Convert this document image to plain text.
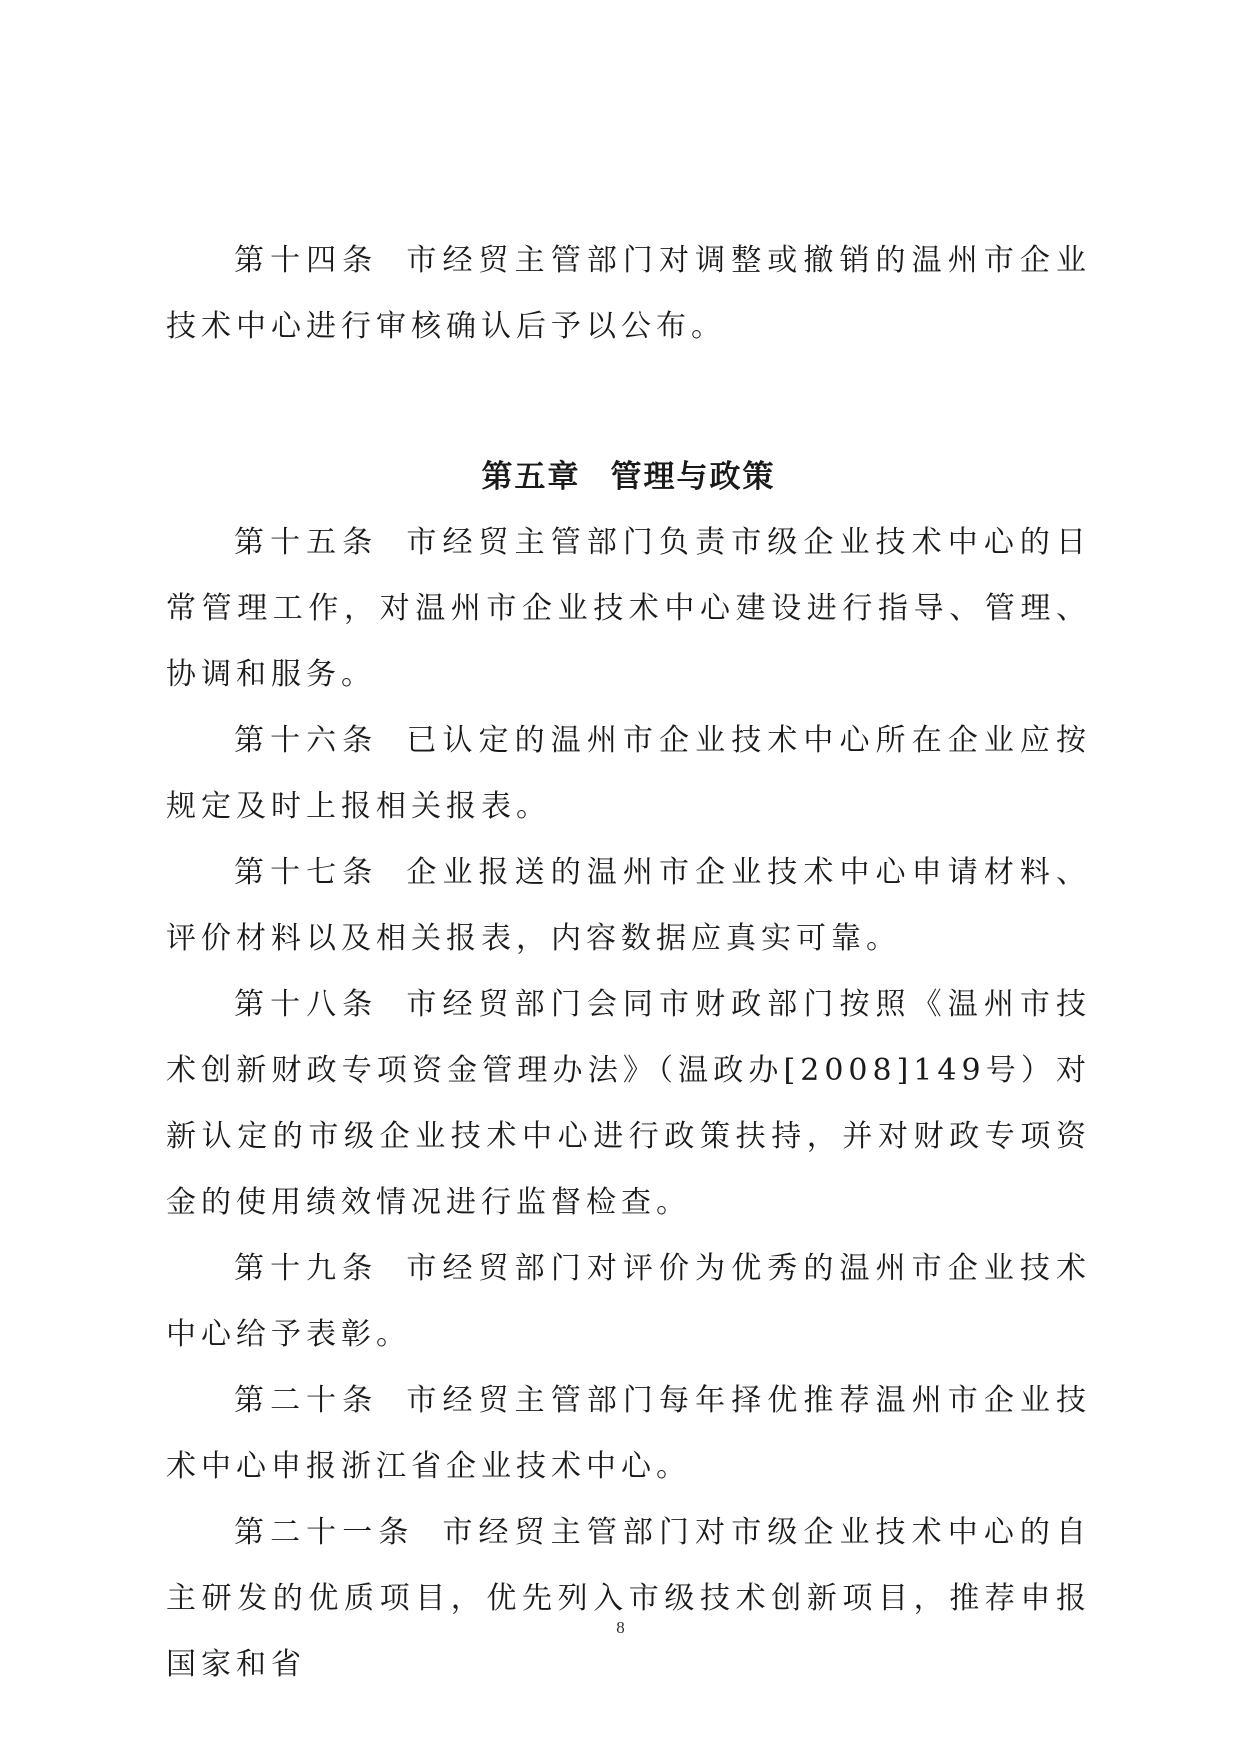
第十四条 市经贸主管部门对调整或撤销的温州市企业技术中心进行审核确认后予以公布。

第五章 管理与政策

第十五条 市经贸主管部门负责市级企业技术中心的日常管理工作，对温州市企业技术中心建设进行指导、管理、协调和服务。

第十六条 已认定的温州市企业技术中心所在企业应按规定及时上报相关报表。

第十七条 企业报送的温州市企业技术中心申请材料、评价材料以及相关报表，内容数据应真实可靠。

第十八条 市经贸部门会同市财政部门按照《温州市技术创新财政专项资金管理办法》（温政办[2008]149号）对新认定的市级企业技术中心进行政策扶持，并对财政专项资金的使用绩效情况进行监督检查。

第十九条 市经贸部门对评价为优秀的温州市企业技术中心给予表彰。

第二十条 市经贸主管部门每年择优推荐温州市企业技术中心申报浙江省企业技术中心。

第二十一条 市经贸主管部门对市级企业技术中心的自主研发的优质项目，优先列入市级技术创新项目，推荐申报国家和省

8
